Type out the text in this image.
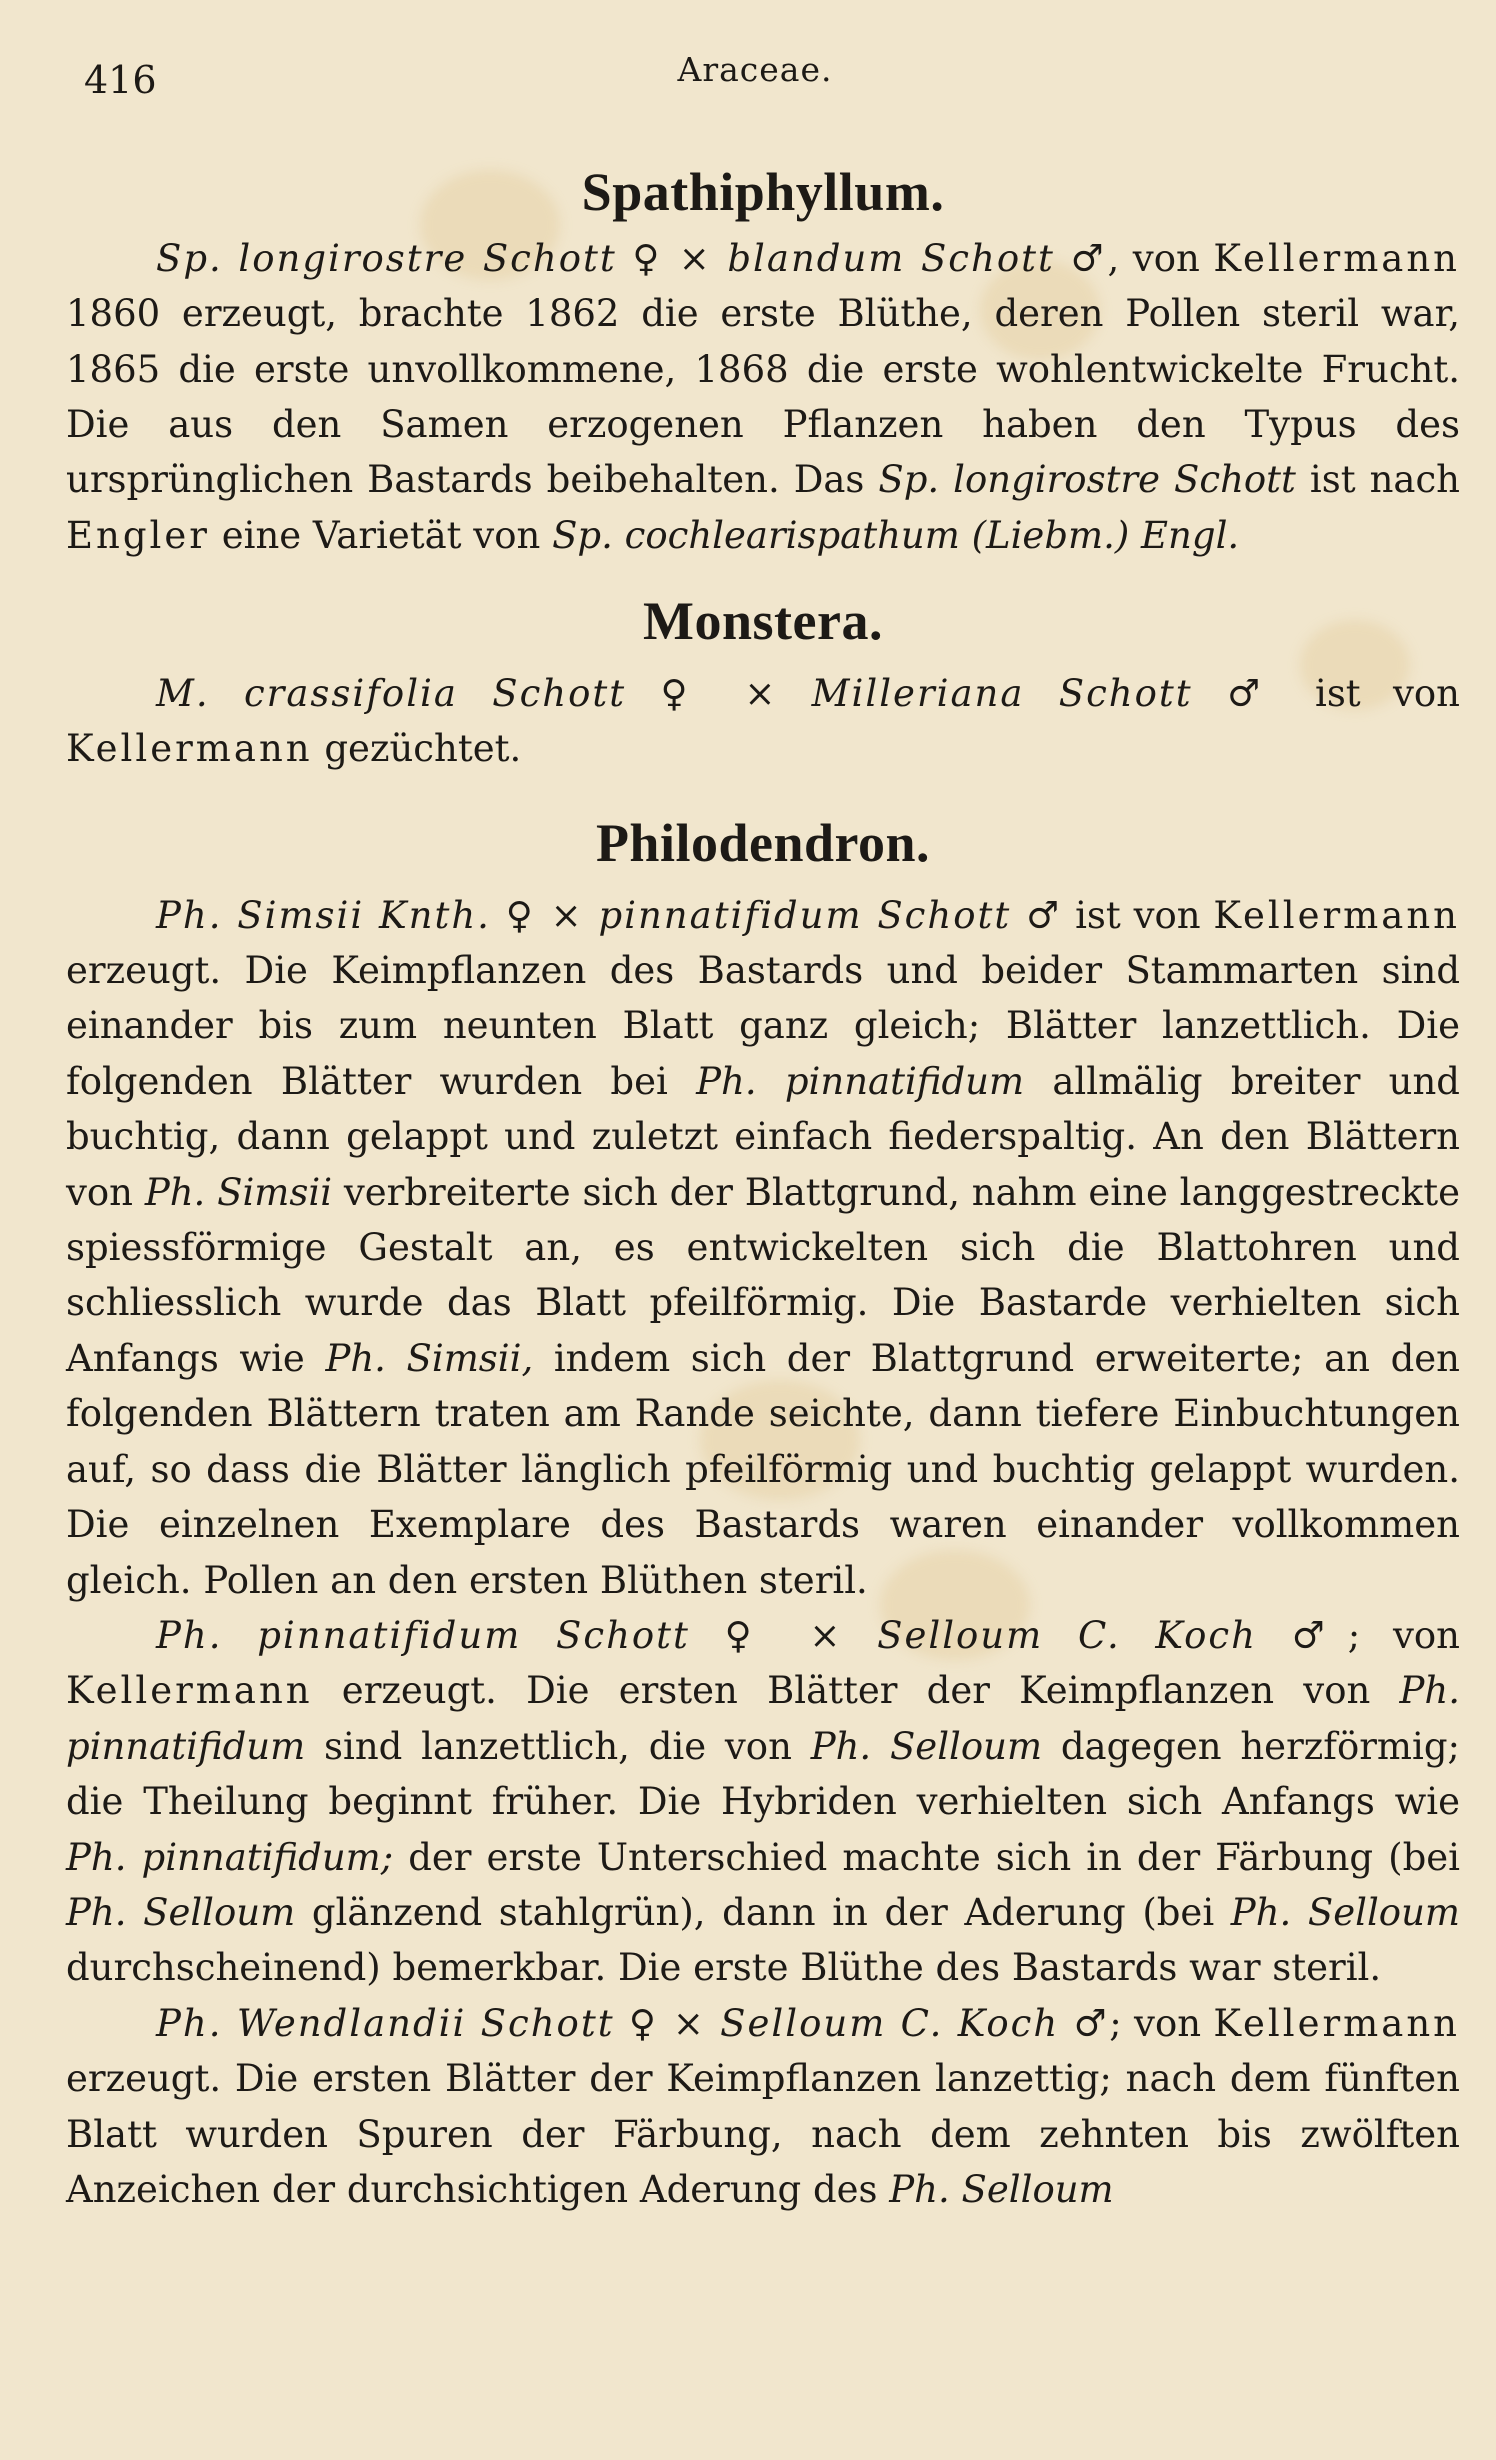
416	Araceae.
Spathiphyllum.

Sp. longirostre Schott ♀ × blandum Schott ♂, von Kellermann 1860 erzeugt, brachte 1862 die erste Blüthe, deren Pollen steril war, 1865 die erste unvollkommene, 1868 die erste wohlentwickelte Frucht. Die aus den Samen erzogenen Pflanzen haben den Typus des ursprünglichen Bastards beibehalten. Das Sp. longirostre Schott ist nach Engler eine Varietät von Sp. cochlearispathum (Liebm.) Engl.

Monstera.

M. crassifolia Schott ♀ × Milleriana Schott ♂ ist von Kellermann gezüchtet.

Philodendron.

Ph. Simsii Knth. ♀ × pinnatifidum Schott ♂ ist von Kellermann erzeugt. Die Keimpflanzen des Bastards und beider Stammarten sind einander bis zum neunten Blatt ganz gleich; Blätter lanzettlich. Die folgenden Blätter wurden bei Ph. pinnatifidum allmälig breiter und buchtig, dann gelappt und zuletzt einfach fiederspaltig. An den Blättern von Ph. Simsii verbreiterte sich der Blattgrund, nahm eine langgestreckte spiessförmige Gestalt an, es entwickelten sich die Blattohren und schliesslich wurde das Blatt pfeilförmig. Die Bastarde verhielten sich Anfangs wie Ph. Simsii, indem sich der Blattgrund erweiterte; an den folgenden Blättern traten am Rande seichte, dann tiefere Einbuchtungen auf, so dass die Blätter länglich pfeilförmig und buchtig gelappt wurden. Die einzelnen Exemplare des Bastards waren einander vollkommen gleich. Pollen an den ersten Blüthen steril.

Ph. pinnatifidum Schott ♀ × Selloum C. Koch ♂; von Kellermann erzeugt. Die ersten Blätter der Keimpflanzen von Ph. pinnatifidum sind lanzettlich, die von Ph. Selloum dagegen herzförmig; die Theilung beginnt früher. Die Hybriden verhielten sich Anfangs wie Ph. pinnatifidum; der erste Unterschied machte sich in der Färbung (bei Ph. Selloum glänzend stahlgrün), dann in der Aderung (bei Ph. Selloum durchscheinend) bemerkbar. Die erste Blüthe des Bastards war steril.

Ph. Wendlandii Schott ♀ × Selloum C. Koch ♂; von Kellermann erzeugt. Die ersten Blätter der Keimpflanzen lanzettig; nach dem fünften Blatt wurden Spuren der Färbung, nach dem zehnten bis zwölften Anzeichen der durchsichtigen Aderung des Ph. Selloum
